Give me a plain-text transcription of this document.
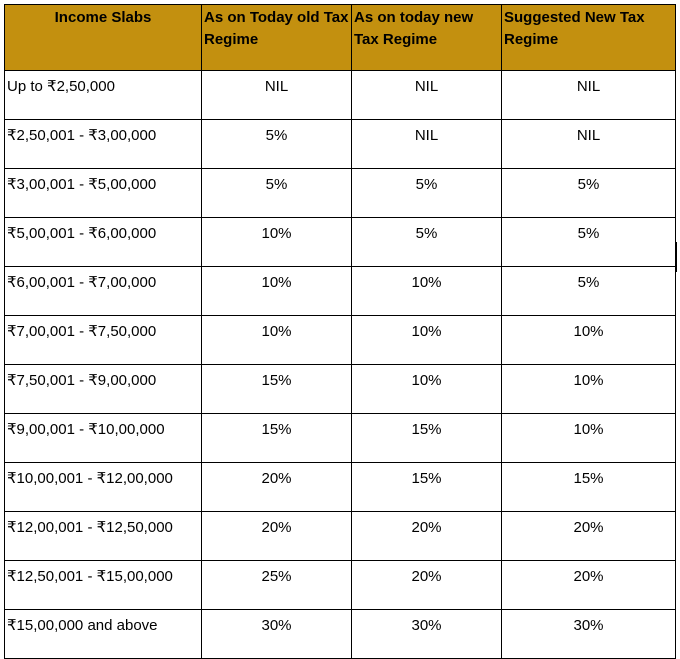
Income Slabs	As on Today old Tax Regime	As on today new Tax Regime	Suggested New Tax Regime
Up to ₹2,50,000	NIL	NIL	NIL
₹2,50,001 - ₹3,00,000	5%	NIL	NIL
₹3,00,001 - ₹5,00,000	5%	5%	5%
₹5,00,001 - ₹6,00,000	10%	5%	5%
₹6,00,001 - ₹7,00,000	10%	10%	5%
₹7,00,001 - ₹7,50,000	10%	10%	10%
₹7,50,001 - ₹9,00,000	15%	10%	10%
₹9,00,001 - ₹10,00,000	15%	15%	10%
₹10,00,001 - ₹12,00,000	20%	15%	15%
₹12,00,001 - ₹12,50,000	20%	20%	20%
₹12,50,001 - ₹15,00,000	25%	20%	20%
₹15,00,000 and above	30%	30%	30%
